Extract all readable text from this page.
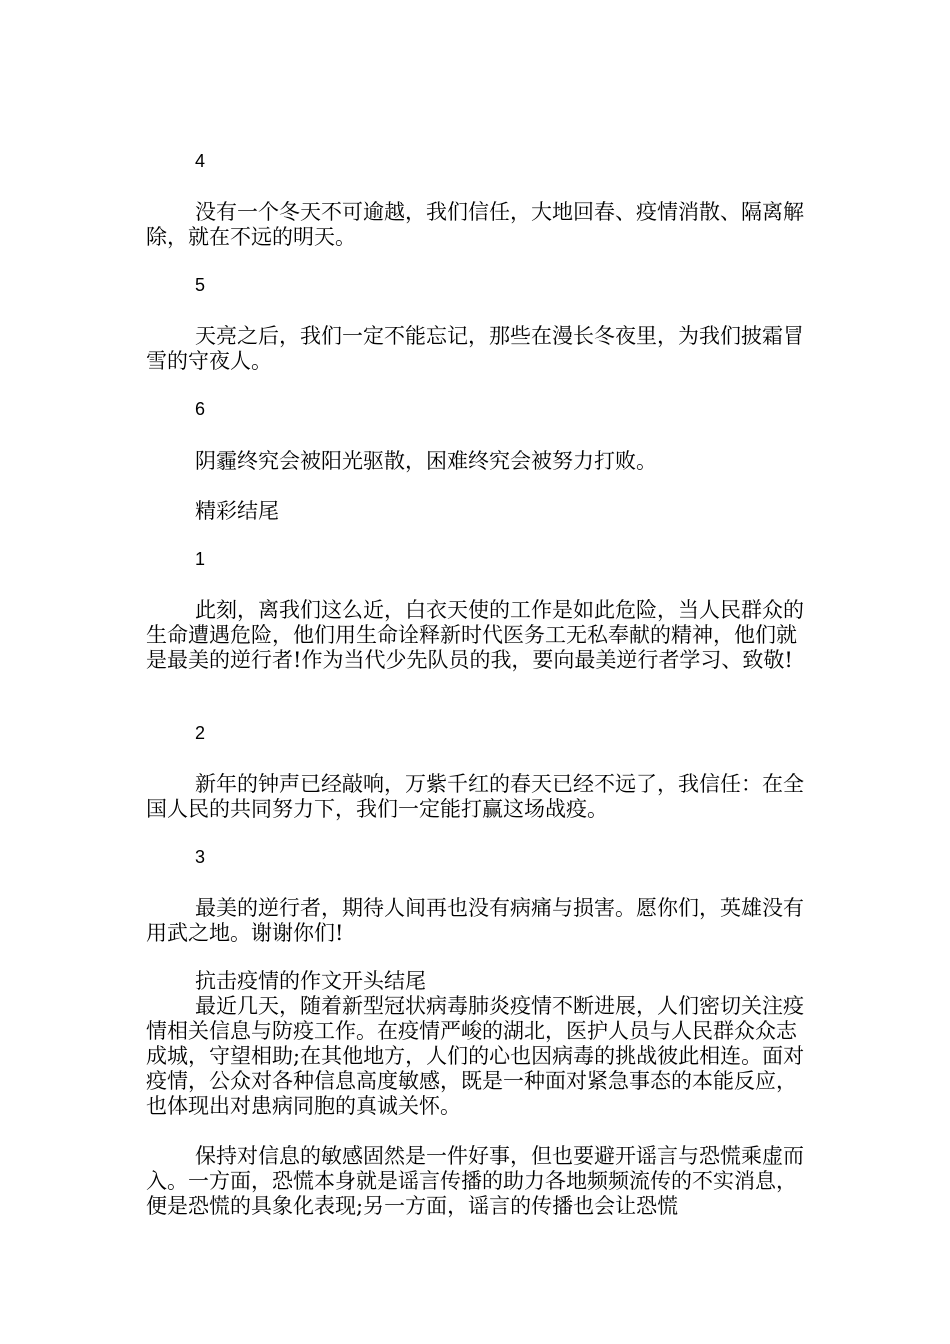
4

没有一个冬天不可逾越，我们信任，大地回春、疫情消散、隔离解除，就在不远的明天。

5

天亮之后，我们一定不能忘记，那些在漫长冬夜里，为我们披霜冒雪的守夜人。

6

阴霾终究会被阳光驱散，困难终究会被努力打败。

精彩结尾

1

此刻，离我们这么近，白衣天使的工作是如此危险，当人民群众的生命遭遇危险，他们用生命诠释新时代医务工无私奉献的精神，他们就是最美的逆行者!作为当代少先队员的我，要向最美逆行者学习、致敬!

2

新年的钟声已经敲响，万紫千红的春天已经不远了，我信任：在全国人民的共同努力下，我们一定能打赢这场战疫。

3

最美的逆行者，期待人间再也没有病痛与损害。愿你们，英雄没有用武之地。谢谢你们!

抗击疫情的作文开头结尾

最近几天，随着新型冠状病毒肺炎疫情不断进展，人们密切关注疫情相关信息与防疫工作。在疫情严峻的湖北，医护人员与人民群众众志成城，守望相助;在其他地方，人们的心也因病毒的挑战彼此相连。面对疫情，公众对各种信息高度敏感，既是一种面对紧急事态的本能反应，也体现出对患病同胞的真诚关怀。

保持对信息的敏感固然是一件好事，但也要避开谣言与恐慌乘虚而入。一方面，恐慌本身就是谣言传播的助力各地频频流传的不实消息，便是恐慌的具象化表现;另一方面，谣言的传播也会让恐慌
